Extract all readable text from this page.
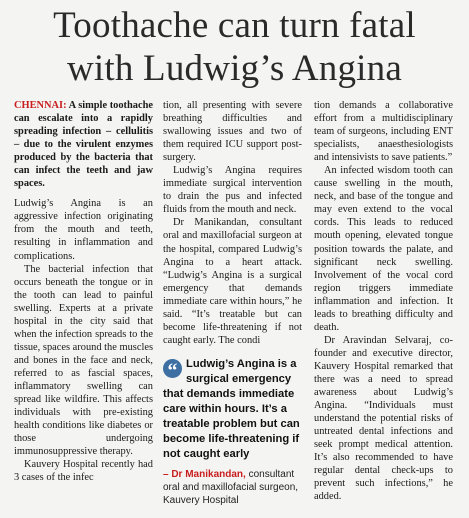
Toothache can turn fatal
with Ludwig’s Angina

CHENNAI: A simple toothache can escalate into a rapidly spreading infection – cellulitis – due to the virulent enzymes produced by the bacteria that can infect the teeth and jaw spaces.

Ludwig’s Angina is an aggressive infection originating from the mouth and teeth, resulting in inflammation and complications.

The bacterial infection that occurs beneath the tongue or in the tooth can lead to painful swelling. Experts at a private hospital in the city said that when the infection spreads to the tissue, spaces around the muscles and bones in the face and neck, referred to as fascial spaces, inflammatory swelling can spread like wildfire. This affects individuals with pre-existing health conditions like diabetes or those undergoing immunosuppressive therapy.

Kauvery Hospital recently had 3 cases of the infec

tion, all presenting with severe breathing difficulties and swallowing issues and two of them required ICU support post-surgery.

Ludwig’s Angina requires immediate surgical intervention to drain the pus and infected fluids from the mouth and neck.

Dr Manikandan, consultant oral and maxillofacial surgeon at the hospital, compared Ludwig’s Angina to a heart attack. “Ludwig’s Angina is a surgical emergency that demands immediate care within hours,” he said. “It’s treatable but can become life-threatening if not caught early. The condi

“ Ludwig’s Angina is a surgical emergency
that demands immediate care within hours. It’s a treatable problem but can become life-threatening if not caught early
– Dr Manikandan, consultant oral and maxillofacial surgeon, Kauvery Hospital

tion demands a collaborative effort from a multidisciplinary team of surgeons, including ENT specialists, anaesthesiologists and intensivists to save patients.”

An infected wisdom tooth can cause swelling in the mouth, neck, and base of the tongue and may even extend to the vocal cords. This leads to reduced mouth opening, elevated tongue position towards the palate, and significant neck swelling. Involvement of the vocal cord region triggers immediate inflammation and infection. It leads to breathing difficulty and death.

Dr Aravindan Selvaraj, co-founder and executive director, Kauvery Hospital remarked that there was a need to spread awareness about Ludwig’s Angina. “Individuals must understand the potential risks of untreated dental infections and seek prompt medical attention. It’s also recommended to have regular dental check-ups to prevent such infections,” he added.
